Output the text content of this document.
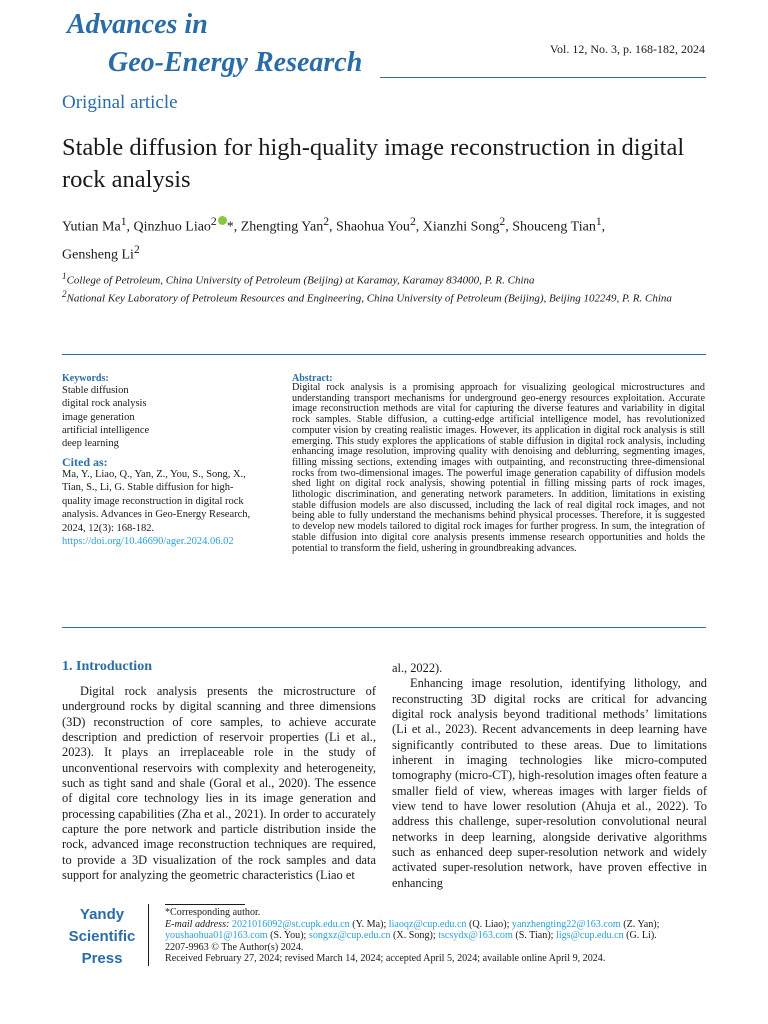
Advances in
Geo-Energy Research	Vol. 12, No. 3, p. 168-182, 2024
Original article
Stable diffusion for high-quality image reconstruction in digital rock analysis
Yutian Ma$^1$, Qinzhuo Liao$^2$ *, Zhengting Yan$^2$, Shaohua You$^2$, Xianzhi Song$^2$, Shouceng Tian$^1$,
Gensheng Li$^2$
$^1$College of Petroleum, China University of Petroleum (Beijing) at Karamay, Karamay 834000, P. R. China
$^2$National Key Laboratory of Petroleum Resources and Engineering, China University of Petroleum (Beijing), Beijing 102249, P. R. China
Keywords:
Stable diffusion
digital rock analysis
image generation
artificial intelligence
deep learning
Cited as:
Ma, Y., Liao, Q., Yan, Z., You, S., Song, X., Tian, S., Li, G. Stable diffusion for high-quality image reconstruction in digital rock analysis. Advances in Geo-Energy Research, 2024, 12(3): 168-182.
https://doi.org/10.46690/ager.2024.06.02
Abstract:
Digital rock analysis is a promising approach for visualizing geological microstructures and understanding transport mechanisms for underground geo-energy resources exploitation. Accurate image reconstruction methods are vital for capturing the diverse features and variability in digital rock samples. Stable diffusion, a cutting-edge artificial intelligence model, has revolutionized computer vision by creating realistic images. However, its application in digital rock analysis is still emerging. This study explores the applications of stable diffusion in digital rock analysis, including enhancing image resolution, improving quality with denoising and deblurring, segmenting images, filling missing sections, extending images with outpainting, and reconstructing three-dimensional rocks from two-dimensional images. The powerful image generation capability of diffusion models shed light on digital rock analysis, showing potential in filling missing parts of rock images, lithologic discrimination, and generating network parameters. In addition, limitations in existing stable diffusion models are also discussed, including the lack of real digital rock images, and not being able to fully understand the mechanisms behind physical processes. Therefore, it is suggested to develop new models tailored to digital rock images for further progress. In sum, the integration of stable diffusion into digital core analysis presents immense research opportunities and holds the potential to transform the field, ushering in groundbreaking advances.
1. Introduction

Digital rock analysis presents the microstructure of underground rocks by digital scanning and three dimensions (3D) reconstruction of core samples, to achieve accurate description and prediction of reservoir properties (Li et al., 2023). It plays an irreplaceable role in the study of unconventional reservoirs with complexity and heterogeneity, such as tight sand and shale (Goral et al., 2020). The essence of digital core technology lies in its image generation and processing capabilities (Zha et al., 2021). In order to accurately capture the pore network and particle distribution inside the rock, advanced image reconstruction techniques are required, to provide a 3D visualization of the rock samples and data support for analyzing the geometric characteristics (Liao et

al., 2022).

Enhancing image resolution, identifying lithology, and reconstructing 3D digital rocks are critical for advancing digital rock analysis beyond traditional methods’ limitations (Li et al., 2023). Recent advancements in deep learning have significantly contributed to these areas. Due to limitations inherent in imaging technologies like micro-computed tomography (micro-CT), high-resolution images often feature a smaller field of view, whereas images with larger fields of view tend to have lower resolution (Ahuja et al., 2022). To address this challenge, super-resolution convolutional neural networks in deep learning, alongside derivative algorithms such as enhanced deep super-resolution network and widely activated super-resolution network, have proven effective in enhancing

Yandy
Scientific
Press
*Corresponding author.
E-mail address: 2021016092@st.cupk.edu.cn (Y. Ma); liaoqz@cup.edu.cn (Q. Liao); yanzhengting22@163.com (Z. Yan);
youshaohua01@163.com (S. You); songxz@cup.edu.cn (X. Song); tscsydx@163.com (S. Tian); ligs@cup.edu.cn (G. Li).
2207-9963 © The Author(s) 2024.
Received February 27, 2024; revised March 14, 2024; accepted April 5, 2024; available online April 9, 2024.
